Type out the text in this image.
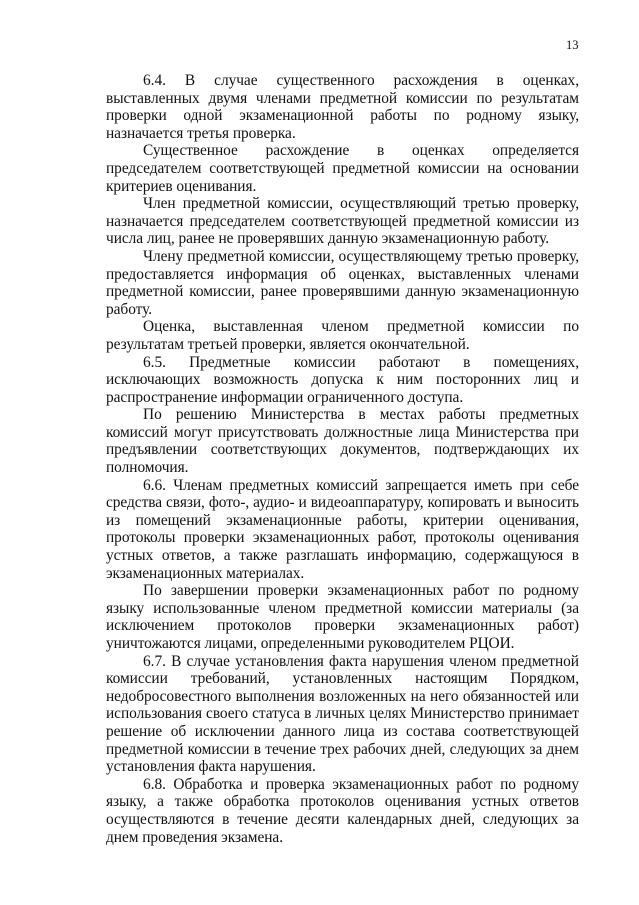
13

6.4. В случае существенного расхождения в оценках, выставленных двумя членами предметной комиссии по результатам проверки одной экзаменационной работы по родному языку, назначается третья проверка.

Существенное расхождение в оценках определяется председателем соответствующей предметной комиссии на основании критериев оценивания.

Член предметной комиссии, осуществляющий третью проверку, назначается председателем соответствующей предметной комиссии из числа лиц, ранее не проверявших данную экзаменационную работу.

Члену предметной комиссии, осуществляющему третью проверку, предоставляется информация об оценках, выставленных членами предметной комиссии, ранее проверявшими данную экзаменационную работу.

Оценка, выставленная членом предметной комиссии по результатам третьей проверки, является окончательной.

6.5. Предметные комиссии работают в помещениях, исключающих возможность допуска к ним посторонних лиц и распространение информации ограниченного доступа.

По решению Министерства в местах работы предметных комиссий могут присутствовать должностные лица Министерства при предъявлении соответствующих документов, подтверждающих их полномочия.

6.6. Членам предметных комиссий запрещается иметь при себе средства связи, фото-, аудио- и видеоаппаратуру, копировать и выносить из помещений экзаменационные работы, критерии оценивания, протоколы проверки экзаменационных работ, протоколы оценивания устных ответов, а также разглашать информацию, содержащуюся в экзаменационных материалах.

По завершении проверки экзаменационных работ по родному языку использованные членом предметной комиссии материалы (за исключением протоколов проверки экзаменационных работ) уничтожаются лицами, определенными руководителем РЦОИ.

6.7. В случае установления факта нарушения членом предметной комиссии требований, установленных настоящим Порядком, недобросовестного выполнения возложенных на него обязанностей или использования своего статуса в личных целях Министерство принимает решение об исключении данного лица из состава соответствующей предметной комиссии в течение трех рабочих дней, следующих за днем установления факта нарушения.

6.8. Обработка и проверка экзаменационных работ по родному языку, а также обработка протоколов оценивания устных ответов осуществляются в течение десяти календарных дней, следующих за днем проведения экзамена.
